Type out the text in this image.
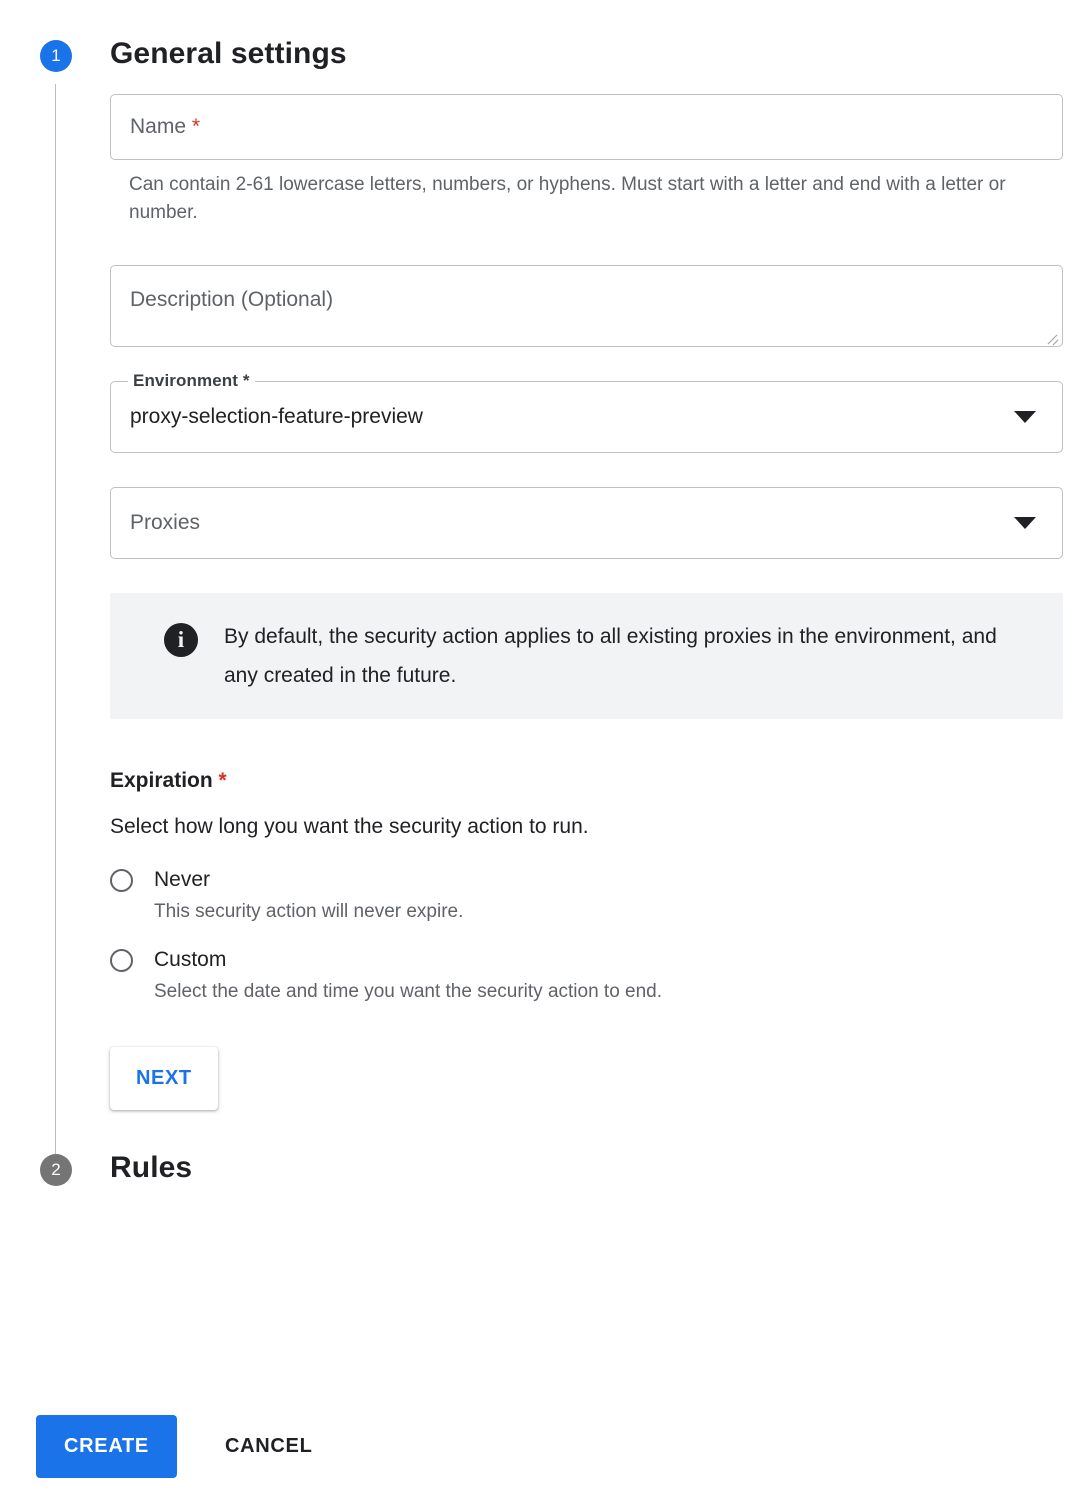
1	General settings
Name *
Can contain 2-61 lowercase letters, numbers, or hyphens. Must start with a letter and end with a letter or number.
Description (Optional)
Environment *
proxy-selection-feature-preview
Proxies
i	By default, the security action applies to all existing proxies in the environment, and any created in the future.
Expiration *
Select how long you want the security action to run.
Never
This security action will never expire.
Custom
Select the date and time you want the security action to end.
NEXT
2	Rules
CREATE	CANCEL
